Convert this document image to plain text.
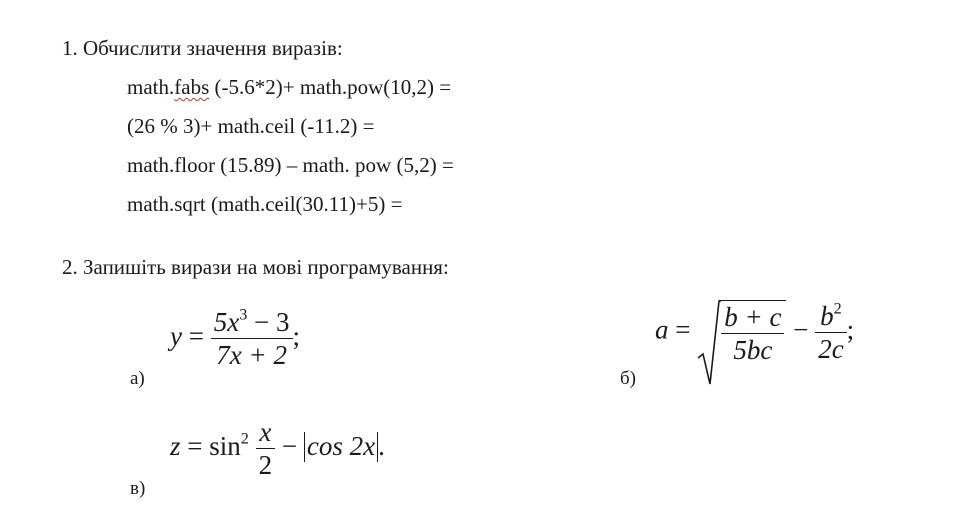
1. Обчислити значення виразів:
math.fabs (-5.6*2)+ math.pow(10,2) =
(26 % 3)+ math.ceil (-11.2) =
math.floor (15.89) – math. pow (5,2) =
math.sqrt (math.ceil(30.11)+5) =
2. Запишіть вирази на мові програмування:
а)
$y = \frac{5x^3 - 3}{7x + 2}$ ;
б)
$a = \frac{b + c}{5bc} - \frac{b^2}{2c}$ ;
в)
$z = \sin^2 \frac{x}{2} - \cos 2x$ .
